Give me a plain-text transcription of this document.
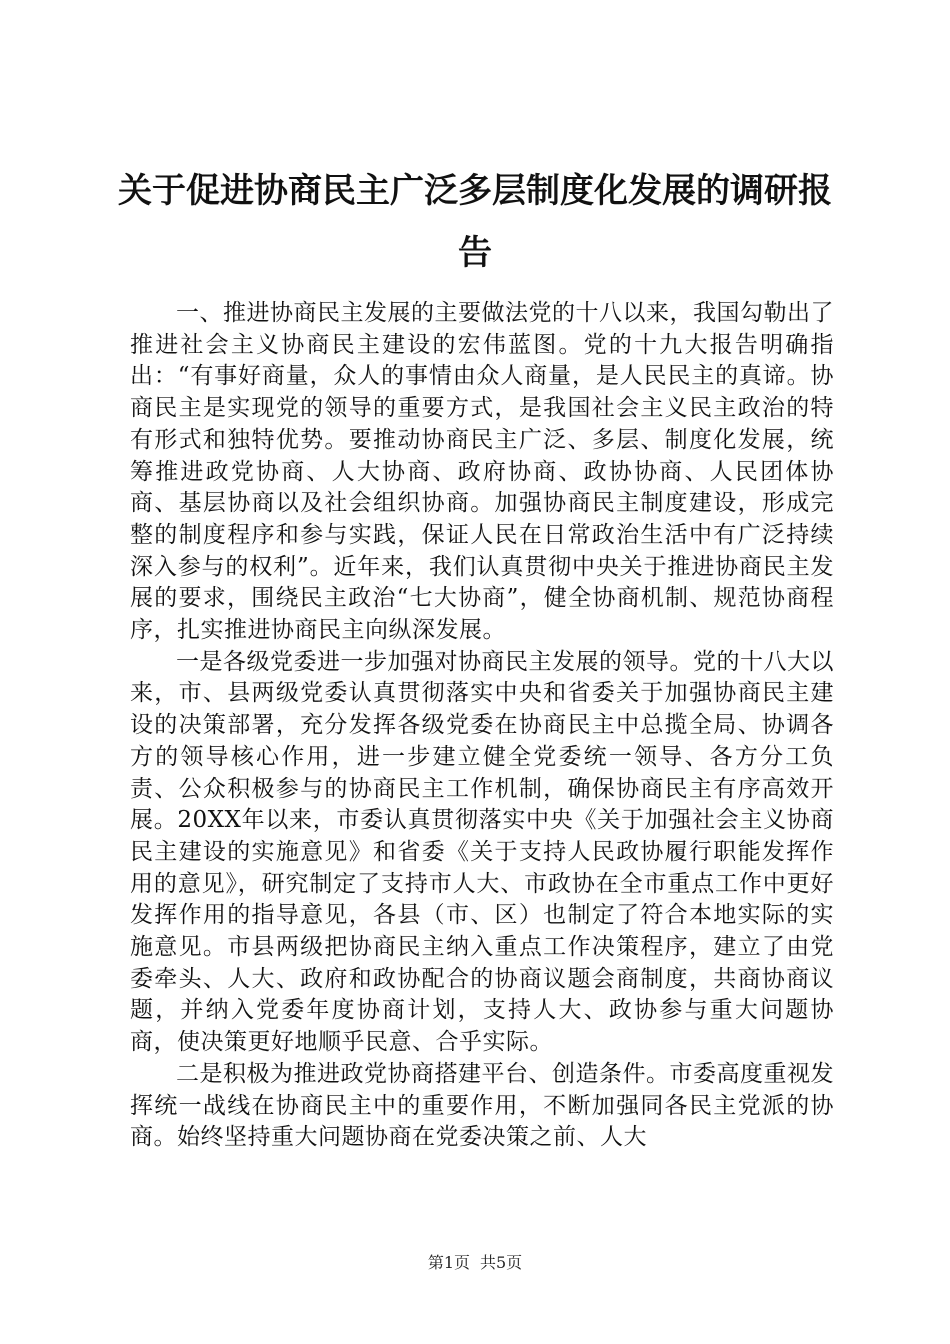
关于促进协商民主广泛多层制度化发展的调研报告

一、推进协商民主发展的主要做法党的十八以来，我国勾勒出了推进社会主义协商民主建设的宏伟蓝图。党的十九大报告明确指出：“有事好商量，众人的事情由众人商量，是人民民主的真谛。协商民主是实现党的领导的重要方式，是我国社会主义民主政治的特有形式和独特优势。要推动协商民主广泛、多层、制度化发展，统筹推进政党协商、人大协商、政府协商、政协协商、人民团体协商、基层协商以及社会组织协商。加强协商民主制度建设，形成完整的制度程序和参与实践，保证人民在日常政治生活中有广泛持续深入参与的权利”。近年来，我们认真贯彻中央关于推进协商民主发展的要求，围绕民主政治“七大协商”，健全协商机制、规范协商程序，扎实推进协商民主向纵深发展。

一是各级党委进一步加强对协商民主发展的领导。党的十八大以来，市、县两级党委认真贯彻落实中央和省委关于加强协商民主建设的决策部署，充分发挥各级党委在协商民主中总揽全局、协调各方的领导核心作用，进一步建立健全党委统一领导、各方分工负责、公众积极参与的协商民主工作机制，确保协商民主有序高效开展。20XX年以来，市委认真贯彻落实中央《关于加强社会主义协商民主建设的实施意见》和省委《关于支持人民政协履行职能发挥作用的意见》，研究制定了支持市人大、市政协在全市重点工作中更好发挥作用的指导意见，各县（市、区）也制定了符合本地实际的实施意见。市县两级把协商民主纳入重点工作决策程序，建立了由党委牵头、人大、政府和政协配合的协商议题会商制度，共商协商议题，并纳入党委年度协商计划，支持人大、政协参与重大问题协商，使决策更好地顺乎民意、合乎实际。

二是积极为推进政党协商搭建平台、创造条件。市委高度重视发挥统一战线在协商民主中的重要作用，不断加强同各民主党派的协商。始终坚持重大问题协商在党委决策之前、人大

第1页 共5页
